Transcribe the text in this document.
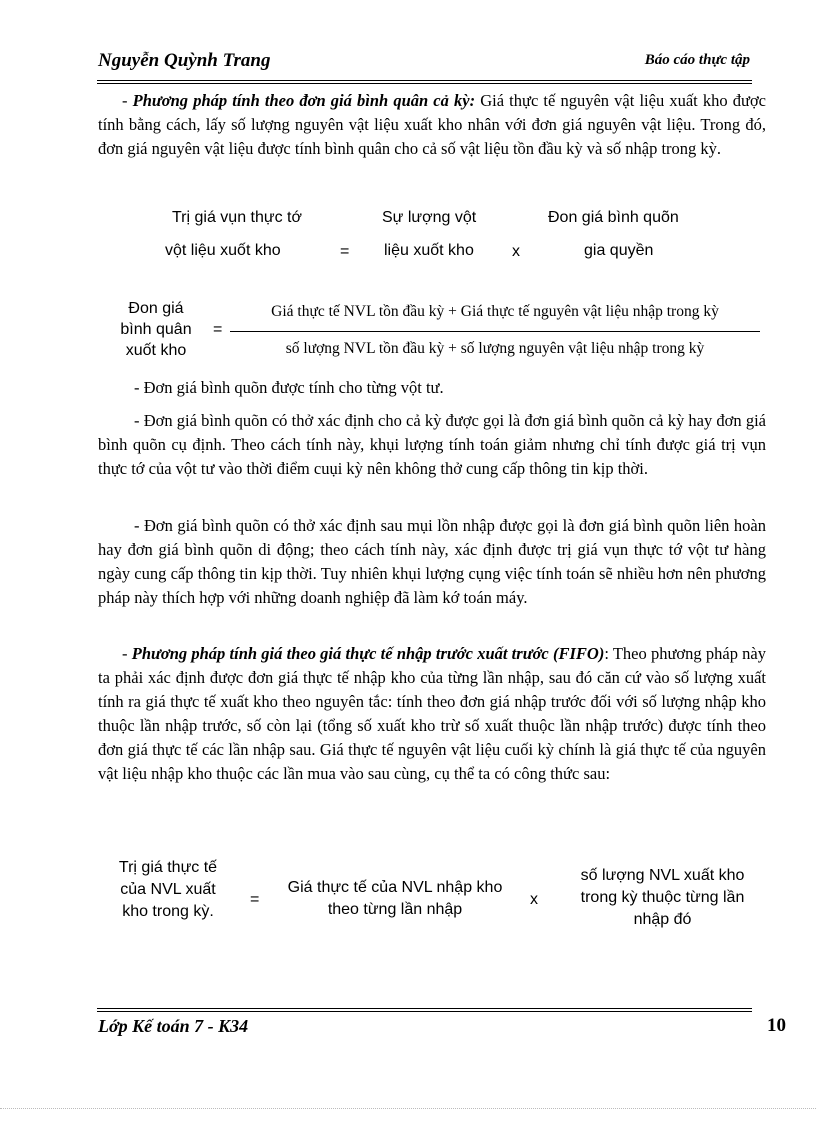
Nguyễn Quỳnh Trang	Báo cáo thực tập
- Phương pháp tính theo đơn giá bình quân cả kỳ: Giá thực tế nguyên vật liệu xuất kho được tính bằng cách, lấy số lượng nguyên vật liệu xuất kho nhân với đơn giá nguyên vật liệu. Trong đó, đơn giá nguyên vật liệu được tính bình quân cho cả số vật liệu tồn đầu kỳ và số nhập trong kỳ.
Trị giá vụn thực tớ
vột liệu xuốt kho	=
Sự lượng vột
liệu xuốt kho x
Đon giá bình quõn
gia quyền
Đon giá
bình quân
xuốt kho
=
Giá thực tế NVL tồn đầu kỳ + Giá thực tế nguyên vật liệu nhập trong kỳ
số lượng NVL tồn đầu kỳ + số lượng nguyên vật liệu nhập trong kỳ
- Đơn giá bình quõn được tính cho từng vột tư.
- Đơn giá bình quõn có thở xác định cho cả kỳ được gọi là đơn giá bình quõn cả kỳ hay đơn giá bình quõn cụ định. Theo cách tính này, khụi lượng tính toán giảm nhưng chỉ tính được giá trị vụn thực tớ của vột tư vào thời điểm cuụi kỳ nên không thở cung cấp thông tin kịp thời.
- Đơn giá bình quõn có thở xác định sau mụi lồn nhập được gọi là đơn giá bình quõn liên hoàn hay đơn giá bình quõn di động; theo cách tính này, xác định được trị giá vụn thực tớ vột tư hàng ngày cung cấp thông tin kịp thời. Tuy nhiên khụi lượng cụng việc tính toán sẽ nhiều hơn nên phương pháp này thích hợp với những doanh nghiệp đã làm kớ toán máy.
- Phương pháp tính giá theo giá thực tế nhập trước xuất trước (FIFO): Theo phương pháp này ta phải xác định được đơn giá thực tế nhập kho của từng lần nhập, sau đó căn cứ vào số lượng xuất tính ra giá thực tế xuất kho theo nguyên tắc: tính theo đơn giá nhập trước đối với số lượng nhập kho thuộc lần nhập trước, số còn lại (tổng số xuất kho trừ số xuất thuộc lần nhập trước) được tính theo đơn giá thực tế các lần nhập sau. Giá thực tế nguyên vật liệu cuối kỳ chính là giá thực tế của nguyên vật liệu nhập kho thuộc các lần mua vào sau cùng, cụ thể ta có công thức sau:
Trị giá thực tế
của NVL xuất
kho trong kỳ.
=
Giá thực tế của NVL nhập kho
theo từng lần nhập
x
số lượng NVL xuất kho
trong kỳ thuộc từng lần
nhập đó
Lớp Kế toán 7 - K34	10
